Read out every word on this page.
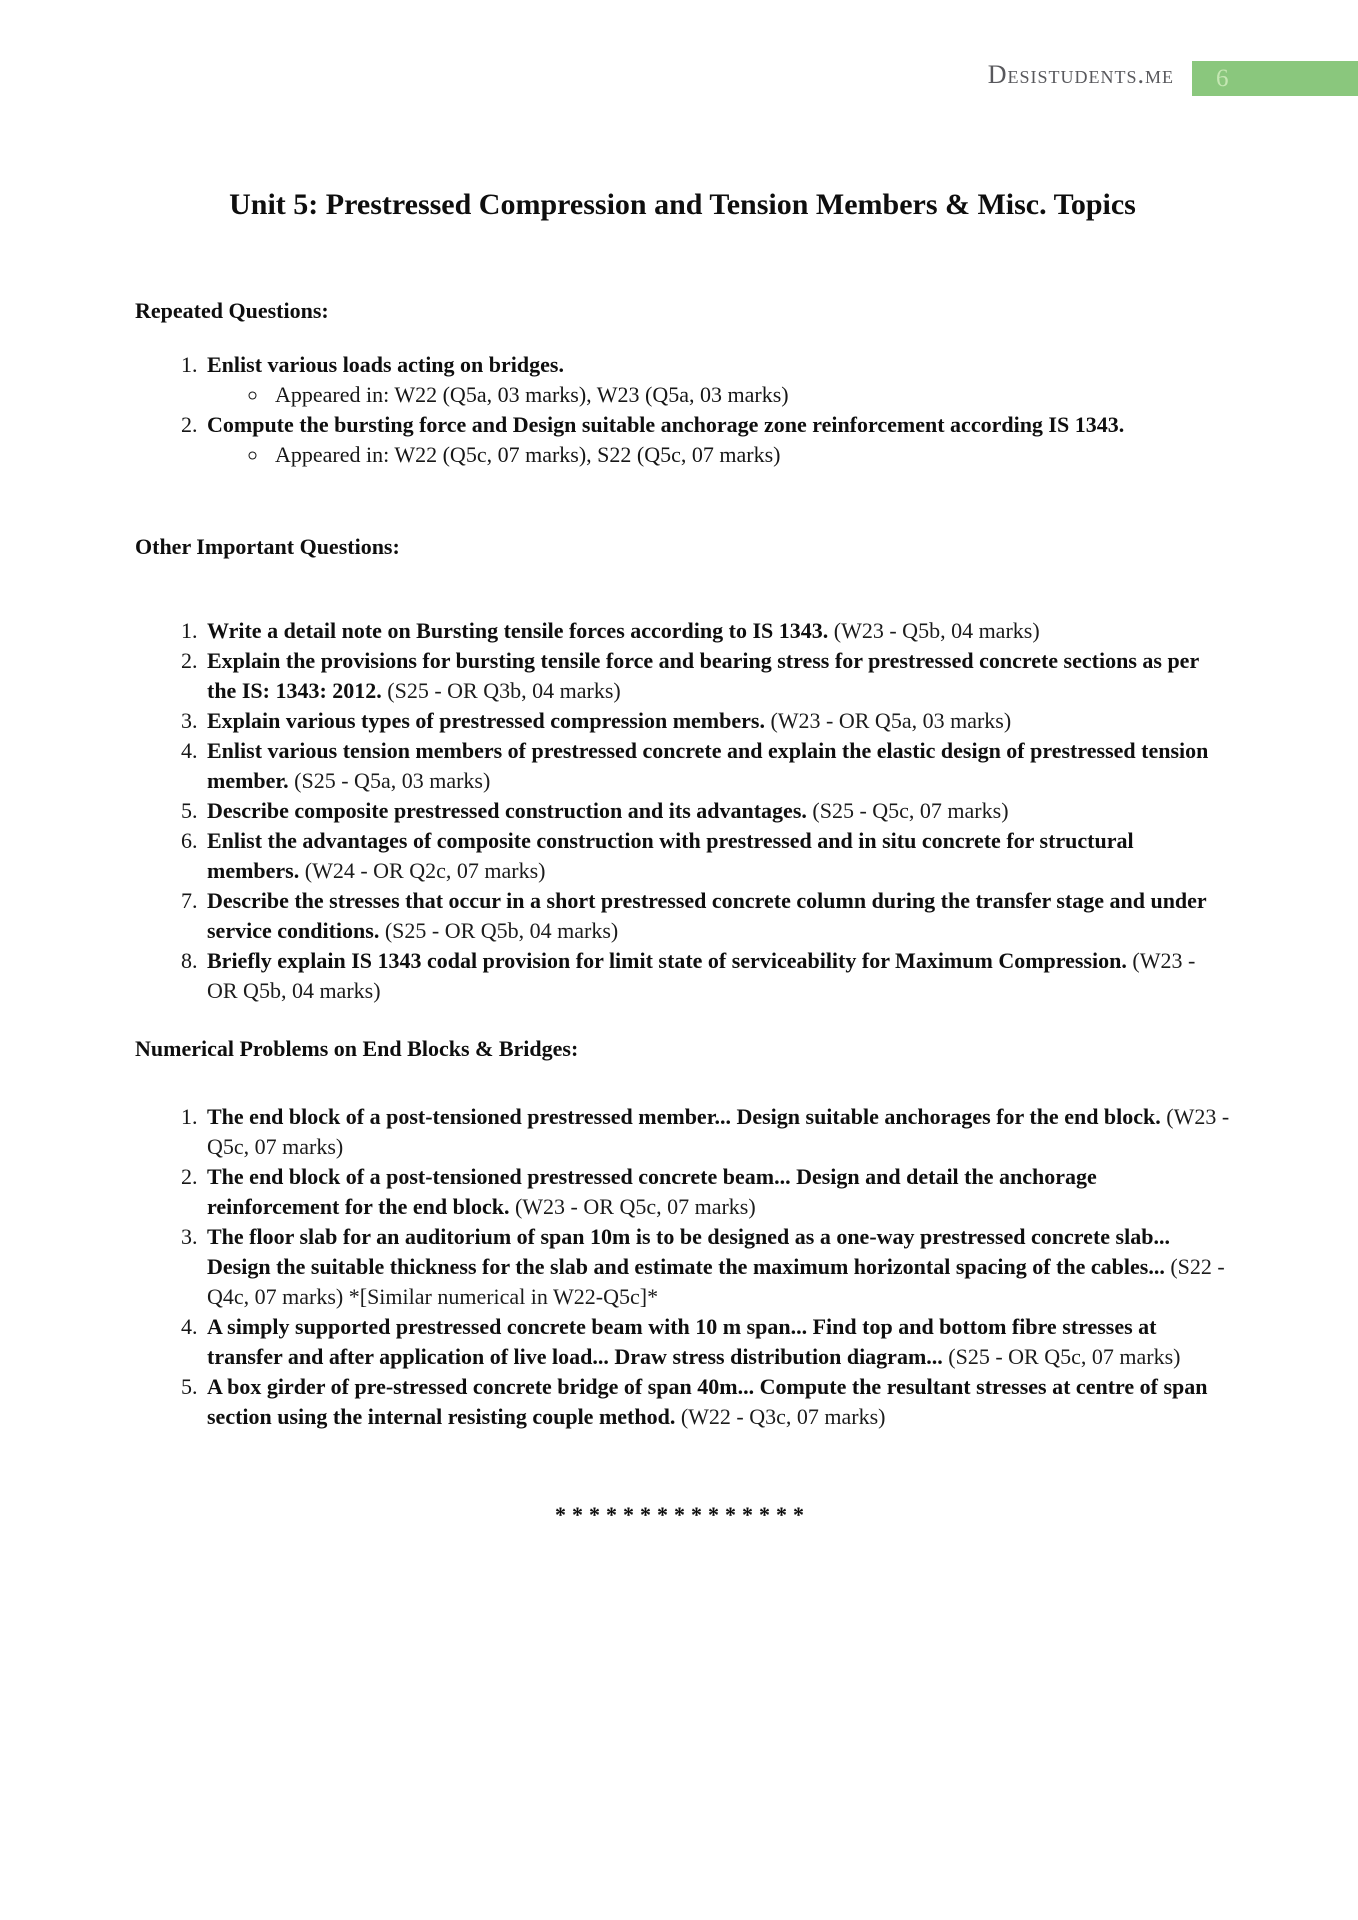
Desistudents.me	6
Unit 5: Prestressed Compression and Tension Members & Misc. Topics
Repeated Questions:
1. Enlist various loads acting on bridges.
◦ Appeared in: W22 (Q5a, 03 marks), W23 (Q5a, 03 marks)
2. Compute the bursting force and Design suitable anchorage zone reinforcement according IS 1343.
◦ Appeared in: W22 (Q5c, 07 marks), S22 (Q5c, 07 marks)
Other Important Questions:
1. Write a detail note on Bursting tensile forces according to IS 1343. (W23 - Q5b, 04 marks)
2. Explain the provisions for bursting tensile force and bearing stress for prestressed concrete sections as per the IS: 1343: 2012. (S25 - OR Q3b, 04 marks)
3. Explain various types of prestressed compression members. (W23 - OR Q5a, 03 marks)
4. Enlist various tension members of prestressed concrete and explain the elastic design of prestressed tension member. (S25 - Q5a, 03 marks)
5. Describe composite prestressed construction and its advantages. (S25 - Q5c, 07 marks)
6. Enlist the advantages of composite construction with prestressed and in situ concrete for structural members. (W24 - OR Q2c, 07 marks)
7. Describe the stresses that occur in a short prestressed concrete column during the transfer stage and under service conditions. (S25 - OR Q5b, 04 marks)
8. Briefly explain IS 1343 codal provision for limit state of serviceability for Maximum Compression. (W23 - OR Q5b, 04 marks)
Numerical Problems on End Blocks & Bridges:
1. The end block of a post-tensioned prestressed member... Design suitable anchorages for the end block. (W23 - Q5c, 07 marks)
2. The end block of a post-tensioned prestressed concrete beam... Design and detail the anchorage reinforcement for the end block. (W23 - OR Q5c, 07 marks)
3. The floor slab for an auditorium of span 10m is to be designed as a one-way prestressed concrete slab... Design the suitable thickness for the slab and estimate the maximum horizontal spacing of the cables... (S22 - Q4c, 07 marks) *[Similar numerical in W22-Q5c]*
4. A simply supported prestressed concrete beam with 10 m span... Find top and bottom fibre stresses at transfer and after application of live load... Draw stress distribution diagram... (S25 - OR Q5c, 07 marks)
5. A box girder of pre-stressed concrete bridge of span 40m... Compute the resultant stresses at centre of span section using the internal resisting couple method. (W22 - Q3c, 07 marks)
***************
